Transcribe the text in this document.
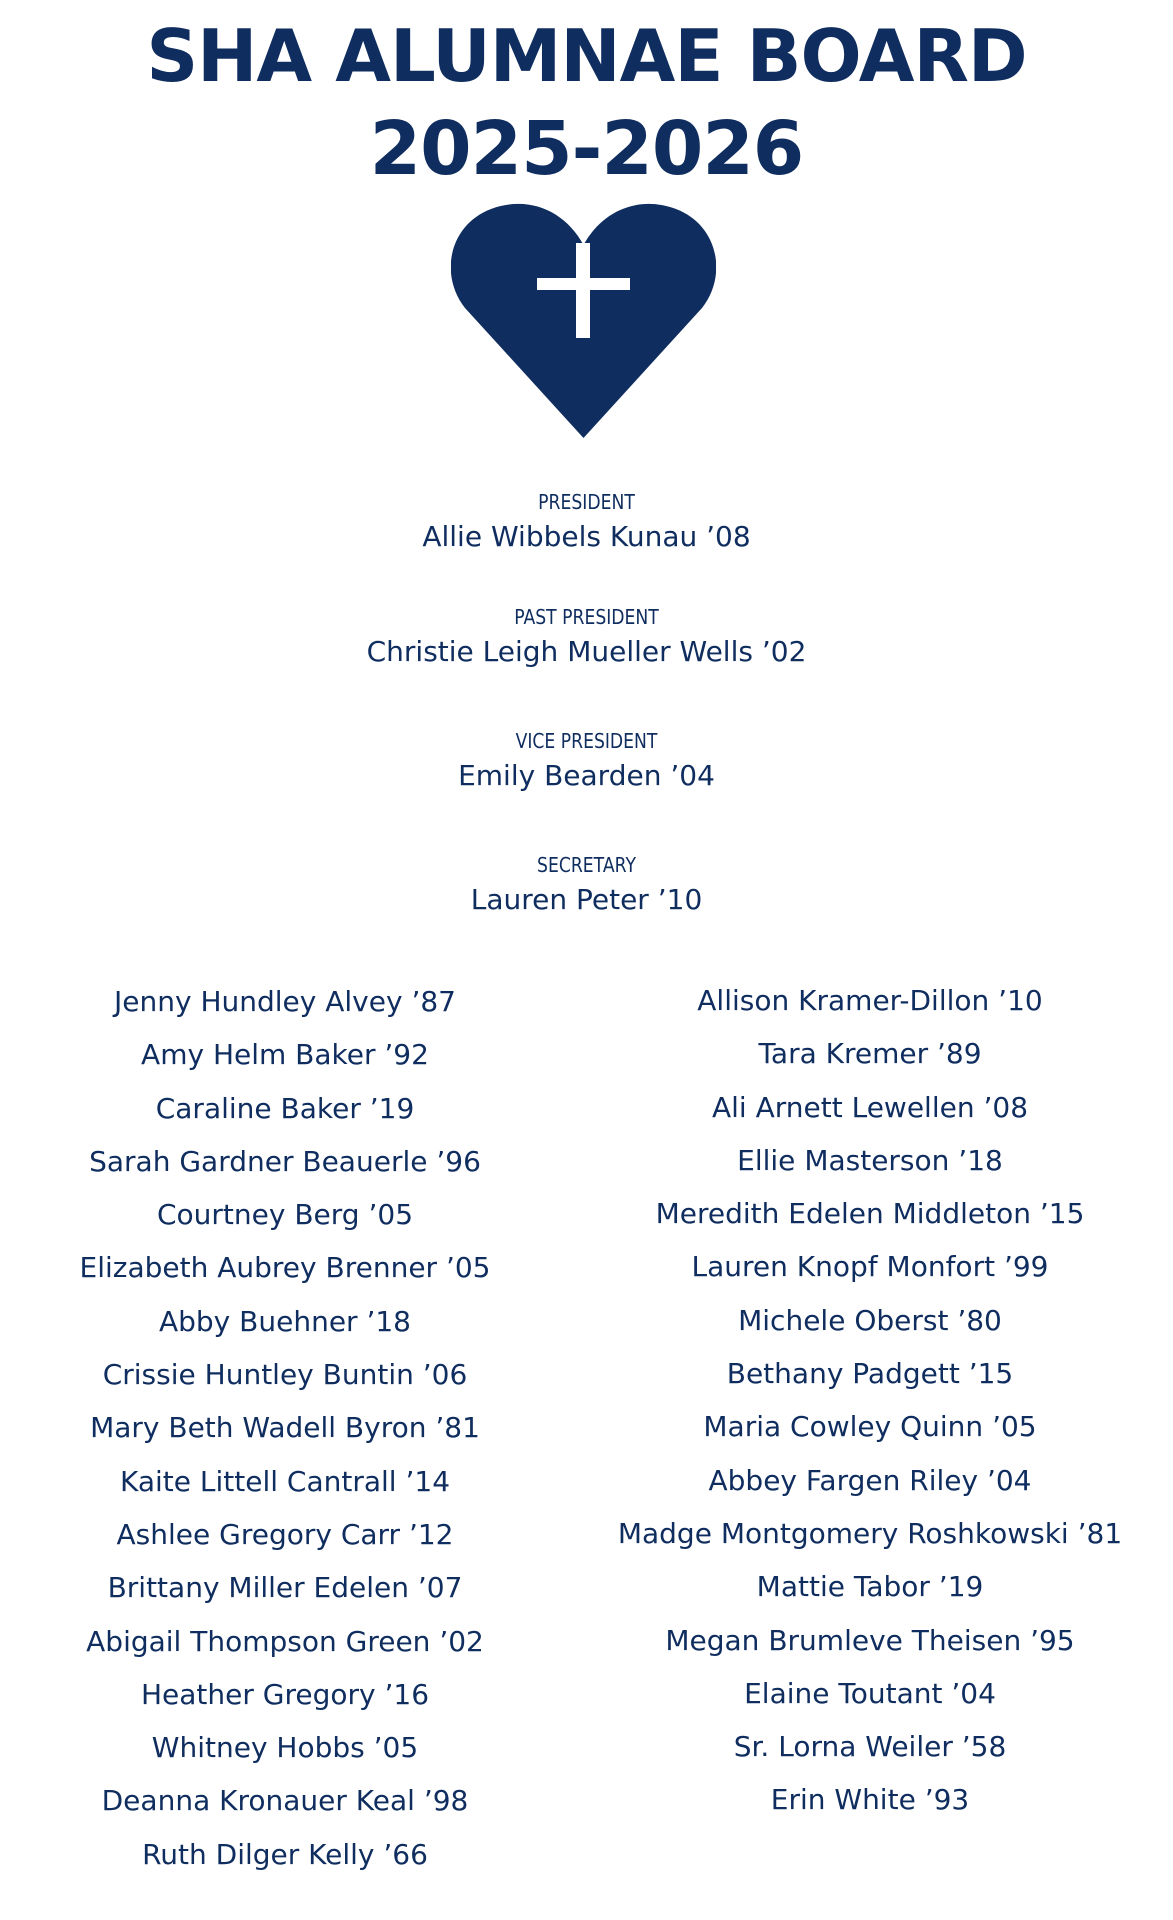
SHA ALUMNAE BOARD
2025-2026
PRESIDENT
Allie Wibbels Kunau ’08
PAST PRESIDENT
Christie Leigh Mueller Wells ’02
VICE PRESIDENT
Emily Bearden ’04
SECRETARY
Lauren Peter ’10
Jenny Hundley Alvey ’87
Amy Helm Baker ’92
Caraline Baker ’19
Sarah Gardner Beauerle ’96
Courtney Berg ’05
Elizabeth Aubrey Brenner ’05
Abby Buehner ’18
Crissie Huntley Buntin ’06
Mary Beth Wadell Byron ’81
Kaite Littell Cantrall ’14
Ashlee Gregory Carr ’12
Brittany Miller Edelen ’07
Abigail Thompson Green ’02
Heather Gregory ’16
Whitney Hobbs ’05
Deanna Kronauer Keal ’98
Ruth Dilger Kelly ’66
Allison Kramer-Dillon ’10
Tara Kremer ’89
Ali Arnett Lewellen ’08
Ellie Masterson ’18
Meredith Edelen Middleton ’15
Lauren Knopf Monfort ’99
Michele Oberst ’80
Bethany Padgett ’15
Maria Cowley Quinn ’05
Abbey Fargen Riley ’04
Madge Montgomery Roshkowski ’81
Mattie Tabor ’19
Megan Brumleve Theisen ’95
Elaine Toutant ’04
Sr. Lorna Weiler ’58
Erin White ’93
